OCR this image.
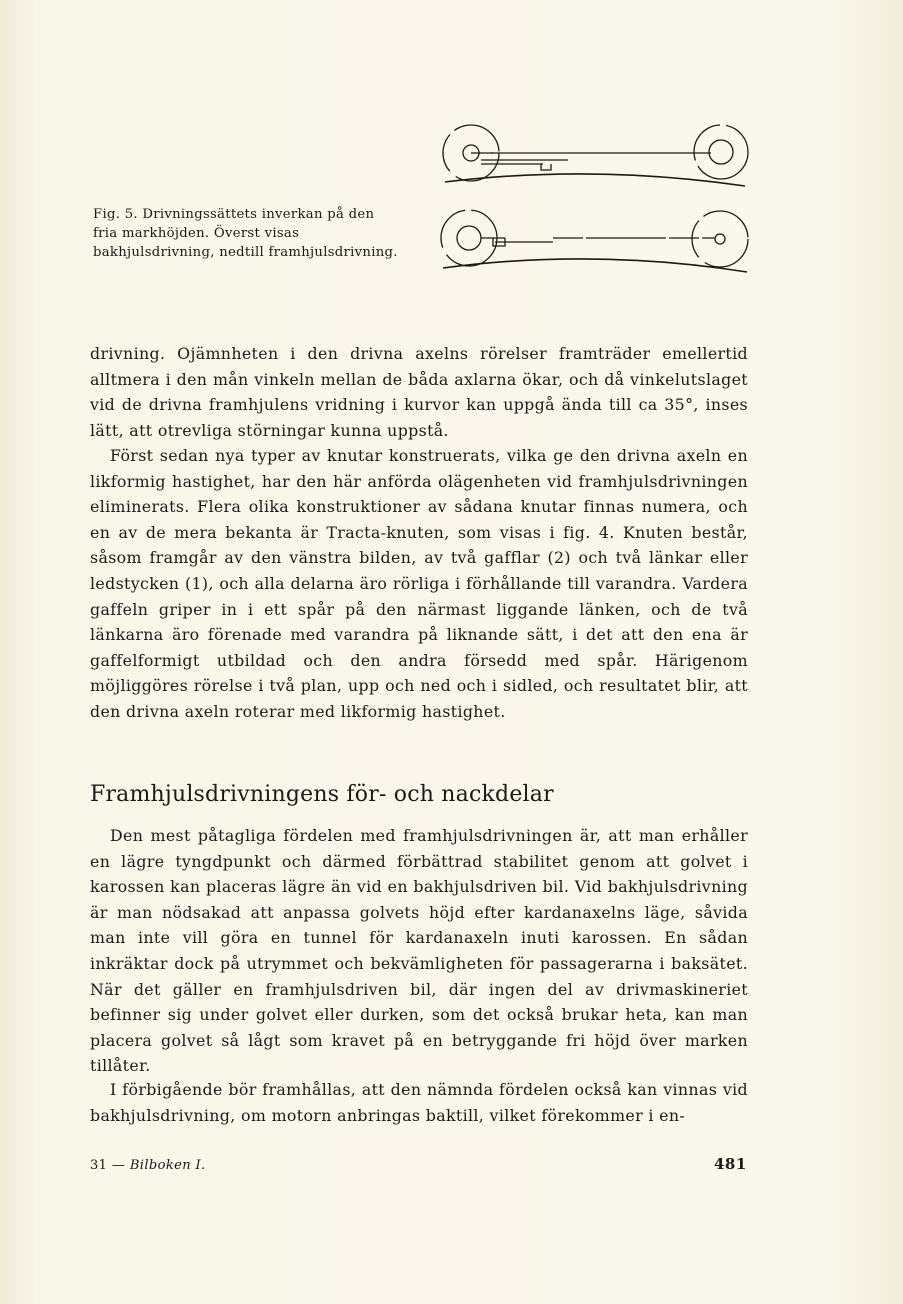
Fig. 5. Drivningssättets inverkan på den fria markhöjden. Överst visas bakhjulsdrivning, nedtill framhjulsdrivning.

drivning. Ojämnheten i den drivna axelns rörelser framträder emellertid alltmera i den mån vinkeln mellan de båda axlarna ökar, och då vinkelutslaget vid de drivna framhjulens vridning i kurvor kan uppgå ända till ca 35°, inses lätt, att otrevliga störningar kunna uppstå.

Först sedan nya typer av knutar konstruerats, vilka ge den drivna axeln en likformig hastighet, har den här anförda olägenheten vid framhjulsdrivningen eliminerats. Flera olika konstruktioner av sådana knutar finnas numera, och en av de mera bekanta är Tracta-knuten, som visas i fig. 4. Knuten består, såsom framgår av den vänstra bilden, av två gafflar (2) och två länkar eller ledstycken (1), och alla delarna äro rörliga i förhållande till varandra. Vardera gaffeln griper in i ett spår på den närmast liggande länken, och de två länkarna äro förenade med varandra på liknande sätt, i det att den ena är gaffelformigt utbildad och den andra försedd med spår. Härigenom möjliggöres rörelse i två plan, upp och ned och i sidled, och resultatet blir, att den drivna axeln roterar med likformig hastighet.

Framhjulsdrivningens för- och nackdelar

Den mest påtagliga fördelen med framhjulsdrivningen är, att man erhåller en lägre tyngdpunkt och därmed förbättrad stabilitet genom att golvet i karossen kan placeras lägre än vid en bakhjulsdriven bil. Vid bakhjulsdrivning är man nödsakad att anpassa golvets höjd efter kardanaxelns läge, såvida man inte vill göra en tunnel för kardanaxeln inuti karossen. En sådan inkräktar dock på utrymmet och bekvämligheten för passagerarna i baksätet. När det gäller en framhjulsdriven bil, där ingen del av drivmaskineriet befinner sig under golvet eller durken, som det också brukar heta, kan man placera golvet så lågt som kravet på en betryggande fri höjd över marken tillåter.

I förbigående bör framhållas, att den nämnda fördelen också kan vinnas vid bakhjulsdrivning, om motorn anbringas baktill, vilket förekommer i en-

31 — Bilboken I.	481
